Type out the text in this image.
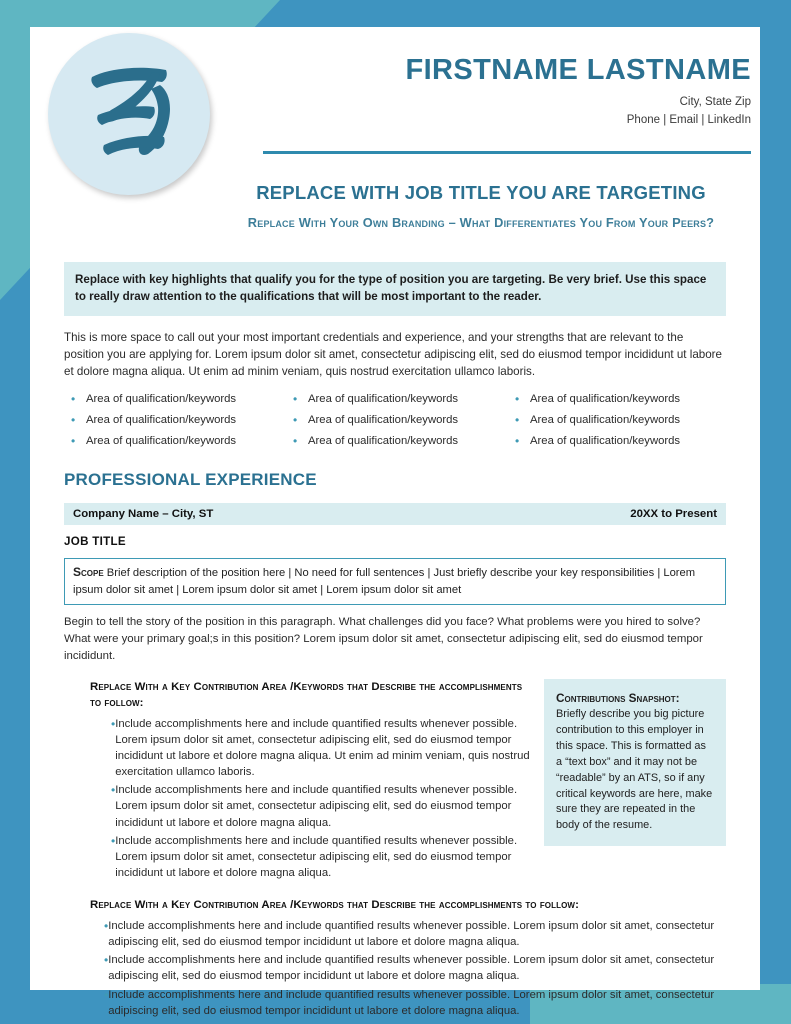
FIRSTNAME LASTNAME
City, State Zip
Phone | Email | LinkedIn
REPLACE WITH JOB TITLE YOU ARE TARGETING
Replace With Your Own Branding – What Differentiates You From Your Peers?
Replace with key highlights that qualify you for the type of position you are targeting. Be very brief. Use this space to really draw attention to the qualifications that will be most important to the reader.
This is more space to call out your most important credentials and experience, and your strengths that are relevant to the position you are applying for. Lorem ipsum dolor sit amet, consectetur adipiscing elit, sed do eiusmod tempor incididunt ut labore et dolore magna aliqua. Ut enim ad minim veniam, quis nostrud exercitation ullamco laboris.
• Area of qualification/keywords	• Area of qualification/keywords	• Area of qualification/keywords
• Area of qualification/keywords	• Area of qualification/keywords	• Area of qualification/keywords
• Area of qualification/keywords	• Area of qualification/keywords	• Area of qualification/keywords
PROFESSIONAL EXPERIENCE
Company Name – City, ST	20XX to Present
JOB TITLE
Scope Brief description of the position here | No need for full sentences | Just briefly describe your key responsibilities | Lorem ipsum dolor sit amet | Lorem ipsum dolor sit amet | Lorem ipsum dolor sit amet
Begin to tell the story of the position in this paragraph. What challenges did you face? What problems were you hired to solve? What were your primary goal;s in this position? Lorem ipsum dolor sit amet, consectetur adipiscing elit, sed do eiusmod tempor incididunt.
Replace With a Key Contribution Area /Keywords that Describe the accomplishments to follow:
• Include accomplishments here and include quantified results whenever possible. Lorem ipsum dolor sit amet, consectetur adipiscing elit, sed do eiusmod tempor incididunt ut labore et dolore magna aliqua. Ut enim ad minim veniam, quis nostrud exercitation ullamco laboris.
• Include accomplishments here and include quantified results whenever possible. Lorem ipsum dolor sit amet, consectetur adipiscing elit, sed do eiusmod tempor incididunt ut labore et dolore magna aliqua.
• Include accomplishments here and include quantified results whenever possible. Lorem ipsum dolor sit amet, consectetur adipiscing elit, sed do eiusmod tempor incididunt ut labore et dolore magna aliqua.
Contributions Snapshot:
Briefly describe you big picture contribution to this employer in this space. This is formatted as a “text box” and it may not be “readable” by an ATS, so if any critical keywords are here, make sure they are repeated in the body of the resume.
Replace With a Key Contribution Area /Keywords that Describe the accomplishments to follow:
• Include accomplishments here and include quantified results whenever possible. Lorem ipsum dolor sit amet, consectetur adipiscing elit, sed do eiusmod tempor incididunt ut labore et dolore magna aliqua.
• Include accomplishments here and include quantified results whenever possible. Lorem ipsum dolor sit amet, consectetur adipiscing elit, sed do eiusmod tempor incididunt ut labore et dolore magna aliqua.
• Include accomplishments here and include quantified results whenever possible. Lorem ipsum dolor sit amet, consectetur adipiscing elit, sed do eiusmod tempor incididunt ut labore et dolore magna aliqua.
